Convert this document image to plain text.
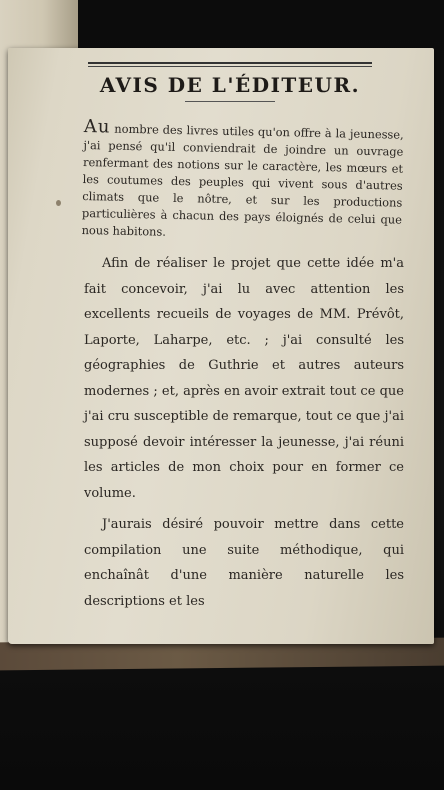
AVIS DE L'ÉDITEUR.

Au nombre des livres utiles qu'on offre à la jeunesse, j'ai pensé qu'il conviendrait de joindre un ouvrage renfermant des notions sur le caractère, les mœurs et les coutumes des peuples qui vivent sous d'autres climats que le nôtre, et sur les productions particulières à chacun des pays éloignés de celui que nous habitons.

Afin de réaliser le projet que cette idée m'a fait concevoir, j'ai lu avec attention les excellents recueils de voyages de MM. Prévôt, Laporte, Laharpe, etc. ; j'ai consulté les géographies de Guthrie et autres auteurs modernes ; et, après en avoir extrait tout ce que j'ai cru susceptible de remarque, tout ce que j'ai supposé devoir intéresser la jeunesse, j'ai réuni les articles de mon choix pour en former ce volume.

J'aurais désiré pouvoir mettre dans cette compilation une suite méthodique, qui enchaînât d'une manière naturelle les descriptions et les
